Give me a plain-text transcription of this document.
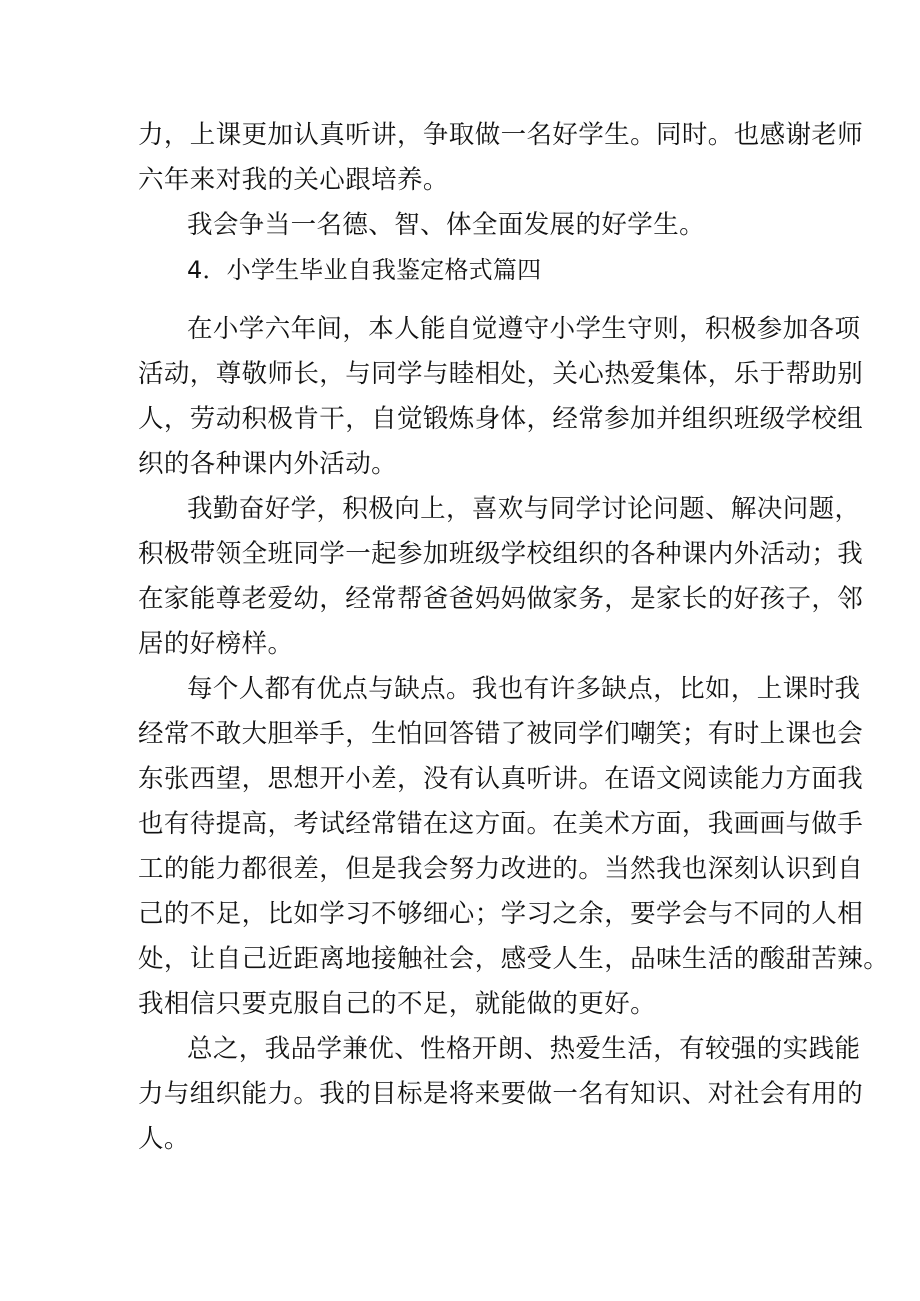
力，上课更加认真听讲，争取做一名好学生。同时。也感谢老师
六年来对我的关心跟培养。
我会争当一名德、智、体全面发展的好学生。
4．小学生毕业自我鉴定格式篇四
在小学六年间，本人能自觉遵守小学生守则，积极参加各项
活动，尊敬师长，与同学与睦相处，关心热爱集体，乐于帮助别
人，劳动积极肯干，自觉锻炼身体，经常参加并组织班级学校组
织的各种课内外活动。
我勤奋好学，积极向上，喜欢与同学讨论问题、解决问题，
积极带领全班同学一起参加班级学校组织的各种课内外活动；我
在家能尊老爱幼，经常帮爸爸妈妈做家务，是家长的好孩子，邻
居的好榜样。
每个人都有优点与缺点。我也有许多缺点，比如，上课时我
经常不敢大胆举手，生怕回答错了被同学们嘲笑；有时上课也会
东张西望，思想开小差，没有认真听讲。在语文阅读能力方面我
也有待提高，考试经常错在这方面。在美术方面，我画画与做手
工的能力都很差，但是我会努力改进的。当然我也深刻认识到自
己的不足，比如学习不够细心；学习之余，要学会与不同的人相
处，让自己近距离地接触社会，感受人生，品味生活的酸甜苦辣。
我相信只要克服自己的不足，就能做的更好。
总之，我品学兼优、性格开朗、热爱生活，有较强的实践能
力与组织能力。我的目标是将来要做一名有知识、对社会有用的
人。
